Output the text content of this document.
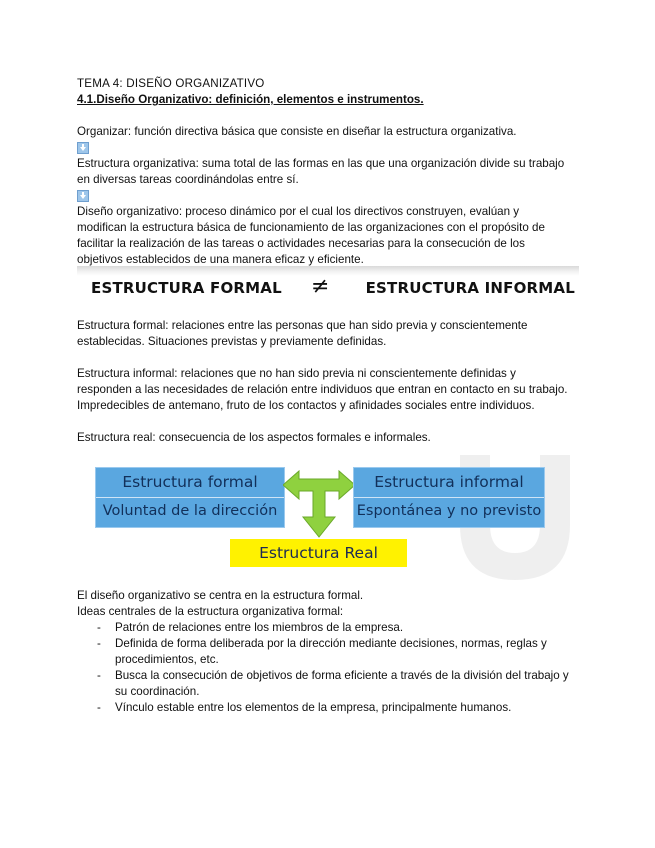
TEMA 4: DISEÑO ORGANIZATIVO

4.1.Diseño Organizativo: definición, elementos e instrumentos.

Organizar: función directiva básica que consiste en diseñar la estructura organizativa.

Estructura organizativa: suma total de las formas en las que una organización divide su trabajo

en diversas tareas coordinándolas entre sí.

Diseño organizativo: proceso dinámico por el cual los directivos construyen, evalúan y

modifican la estructura básica de funcionamiento de las organizaciones con el propósito de

facilitar la realización de las tareas o actividades necesarias para la consecución de los

objetivos establecidos de una manera eficaz y eficiente.

ESTRUCTURA FORMAL ≠ ESTRUCTURA INFORMAL

Estructura formal: relaciones entre las personas que han sido previa y conscientemente

establecidas. Situaciones previstas y previamente definidas.

Estructura informal: relaciones que no han sido previa ni conscientemente definidas y

responden a las necesidades de relación entre individuos que entran en contacto en su trabajo.

Impredecibles de antemano, fruto de los contactos y afinidades sociales entre individuos.

Estructura real: consecuencia de los aspectos formales e informales.

Estructura formal
Voluntad de la dirección
Estructura informal
Espontánea y no previsto
Estructura Real

El diseño organizativo se centra en la estructura formal.

Ideas centrales de la estructura organizativa formal:

- Patrón de relaciones entre los miembros de la empresa.
- Definida de forma deliberada por la dirección mediante decisiones, normas, reglas y
procedimientos, etc.
- Busca la consecución de objetivos de forma eficiente a través de la división del trabajo y
su coordinación.
- Vínculo estable entre los elementos de la empresa, principalmente humanos.
